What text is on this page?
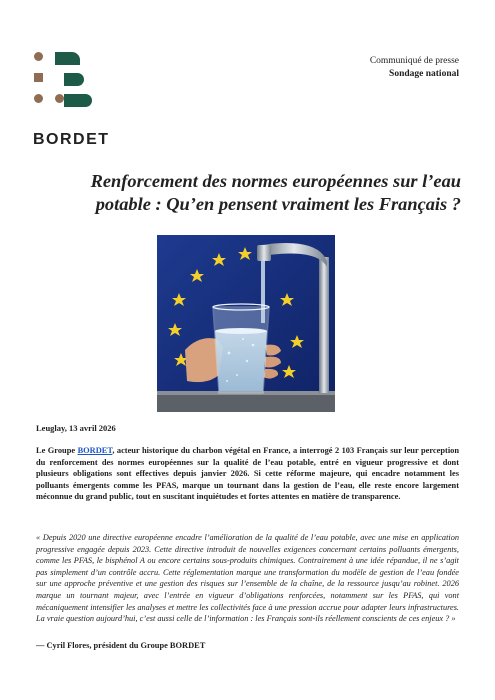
BORDET
Communiqué de presse
Sondage national
Renforcement des normes européennes sur l’eau potable : Qu’en pensent vraiment les Français ?
Leuglay, 13 avril 2026

Le Groupe BORDET, acteur historique du charbon végétal en France, a interrogé 2 103 Français sur leur perception du renforcement des normes européennes sur la qualité de l’eau potable, entré en vigueur progressive et dont plusieurs obligations sont effectives depuis janvier 2026. Si cette réforme majeure, qui encadre notamment les polluants émergents comme les PFAS, marque un tournant dans la gestion de l’eau, elle reste encore largement méconnue du grand public, tout en suscitant inquiétudes et fortes attentes en matière de transparence.

« Depuis 2020 une directive européenne encadre l’amélioration de la qualité de l’eau potable, avec une mise en application progressive engagée depuis 2023. Cette directive introduit de nouvelles exigences concernant certains polluants émergents, comme les PFAS, le bisphénol A ou encore certains sous-produits chimiques. Contrairement à une idée répandue, il ne s’agit pas simplement d’un contrôle accru. Cette réglementation marque une transformation du modèle de gestion de l’eau fondée sur une approche préventive et une gestion des risques sur l’ensemble de la chaîne, de la ressource jusqu’au robinet. 2026 marque un tournant majeur, avec l’entrée en vigueur d’obligations renforcées, notamment sur les PFAS, qui vont mécaniquement intensifier les analyses et mettre les collectivités face à une pression accrue pour adapter leurs infrastructures. La vraie question aujourd’hui, c’est aussi celle de l’information : les Français sont-ils réellement conscients de ces enjeux ? »

— Cyril Flores, président du Groupe BORDET
